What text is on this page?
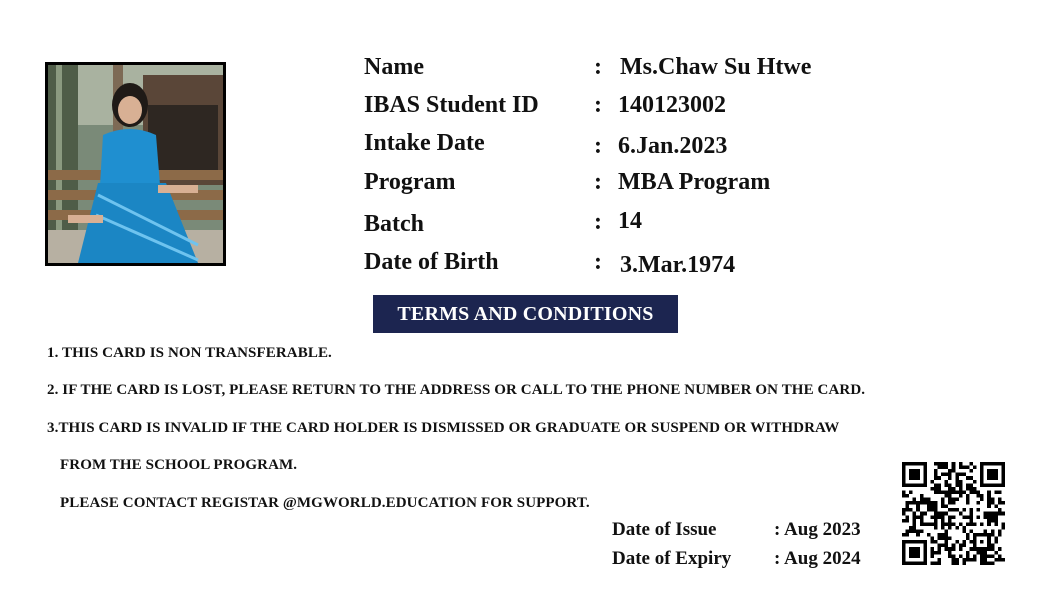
Name	: Ms.Chaw Su Htwe
IBAS Student ID : 140123002
Intake Date	: 6.Jan.2023
Program	: MBA Program
Batch	: 14
Date of Birth	: 3.Mar.1974
TERMS AND CONDITIONS
1. THIS CARD IS NON TRANSFERABLE.
2. IF THE CARD IS LOST, PLEASE RETURN TO THE ADDRESS OR CALL TO THE PHONE NUMBER ON THE CARD.
3.THIS CARD IS INVALID IF THE CARD HOLDER IS DISMISSED OR GRADUATE OR SUSPEND OR WITHDRAW
FROM THE SCHOOL PROGRAM.
PLEASE CONTACT REGISTAR @MGWORLD.EDUCATION FOR SUPPORT.
Date of Issue	: Aug 2023
Date of Expiry : Aug 2024
